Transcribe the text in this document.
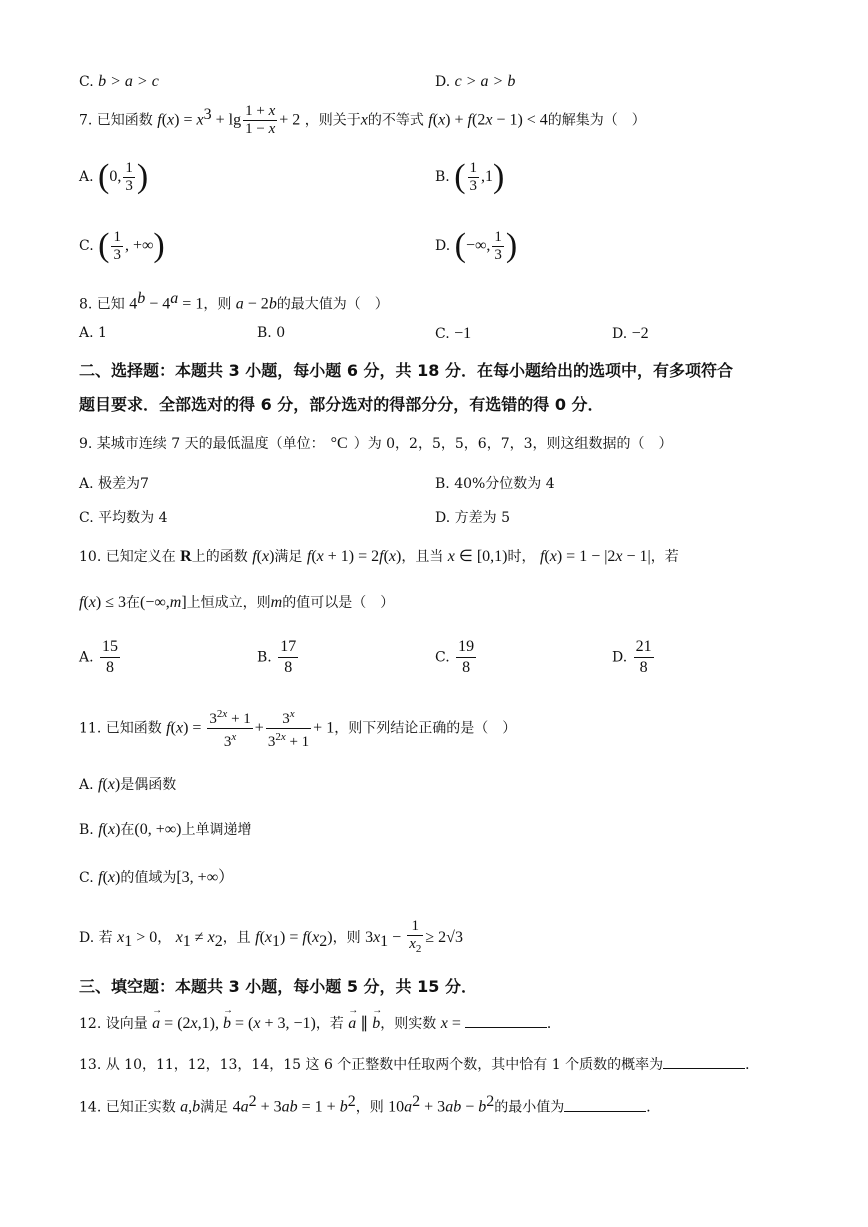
C. b > a > c	D. c > a > b
7. 已知函数 $f(x) = x^3 + \lg \frac{1 + x}{1 - x} + 2$ ，则关于x的不等式 f(x) + f(2x − 1) < 4的解集为（　）
A. (0, $\frac{1}{3}$ )	B. ( $\frac{1}{3} ,1$)
C. ( $\frac{1}{3}$ , +∞)	D. (−∞, $\frac{1}{3}$ )
8. 已知 $4^b - 4^a = 1$，则 a − 2b的最大值为（　）
A. 1	B. 0	C. −1	D. −2
二、选择题：本题共 3 小题，每小题 6 分，共 18 分．在每小题给出的选项中，有多项符合
题目要求．全部选对的得 6 分，部分选对的得部分分，有选错的得 0 分．
9. 某城市连续 7 天的最低温度（单位： °C ）为 0，2，5，5，6，7，3，则这组数据的（　）
A. 极差为7	B. 40%分位数为 4
C. 平均数为 4	D. 方差为 5
10. 已知定义在 R上的函数 f(x)满足 f(x + 1) = 2f(x)，且当 x ∈ [0,1)时， f(x) = 1 − |2x − 1|，若
f(x) ≤ 3在(−∞,m]上恒成立，则m的值可以是（　）
A. $\frac{15}{8}$	B. $\frac{17}{8}$	C. $\frac{19}{8}$	D. $\frac{21}{8}$
11. 已知函数 $f(x) = \frac{3^{2x} + 1}{3^x} + \frac{3^x}{3^{2x} + 1} + 1$，则下列结论正确的是（　）
A. f(x)是偶函数
B. f(x)在(0, +∞)上单调递增
C. f(x)的值域为[3, +∞）
D. 若 $x_1 > 0$， $x_1 \ne x_2$，且 $f(x_1) = f(x_2)$，则 $3x_1 - \frac{1}{x_2} \ge 2√3$
三、填空题：本题共 3 小题，每小题 5 分，共 15 分．
12. 设向量 → a = (2x,1), → b = (x + 3, −1)，若 → a ∥ → b，则实数 x =	．
13. 从 10，11，12，13，14，15 这 6 个正整数中任取两个数，其中恰有 1 个质数的概率为	．
14. 已知正实数 a,b满足 $4a^2 + 3ab = 1 + b^2$，则 $10a^2 + 3ab - b^2$的最小值为	．
